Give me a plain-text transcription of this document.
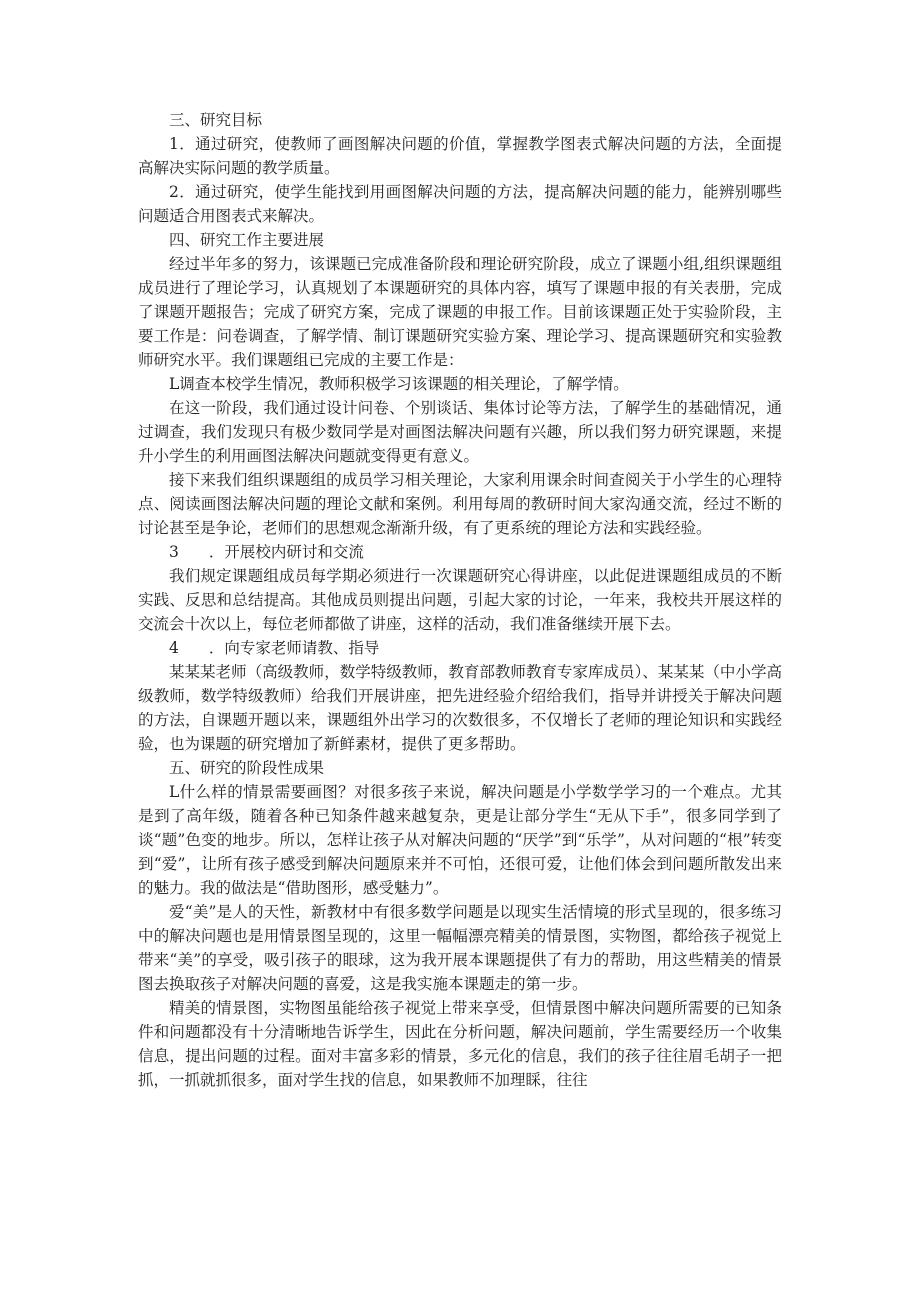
三、研究目标

1．通过研究，使教师了画图解决问题的价值，掌握教学图表式解决问题的方法，全面提高解决实际问题的教学质量。

2．通过研究，使学生能找到用画图解决问题的方法，提高解决问题的能力，能辨别哪些问题适合用图表式来解决。

四、研究工作主要进展

经过半年多的努力，该课题已完成准备阶段和理论研究阶段，成立了课题小组,组织课题组成员进行了理论学习，认真规划了本课题研究的具体内容，填写了课题申报的有关表册，完成了课题开题报告；完成了研究方案，完成了课题的申报工作。目前该课题正处于实验阶段，主要工作是：问卷调查，了解学情、制订课题研究实验方案、理论学习、提高课题研究和实验教师研究水平。我们课题组已完成的主要工作是：

L调查本校学生情况，教师积极学习该课题的相关理论，了解学情。

在这一阶段，我们通过设计问卷、个别谈话、集体讨论等方法，了解学生的基础情况，通过调查，我们发现只有极少数同学是对画图法解决问题有兴趣，所以我们努力研究课题，来提升小学生的利用画图法解决问题就变得更有意义。

接下来我们组织课题组的成员学习相关理论，大家利用课余时间查阅关于小学生的心理特点、阅读画图法解决问题的理论文献和案例。利用每周的教研时间大家沟通交流，经过不断的讨论甚至是争论，老师们的思想观念渐渐升级，有了更系统的理论方法和实践经验。

3 ．开展校内研讨和交流

我们规定课题组成员每学期必须进行一次课题研究心得讲座，以此促进课题组成员的不断实践、反思和总结提高。其他成员则提出问题，引起大家的讨论，一年来，我校共开展这样的交流会十次以上，每位老师都做了讲座，这样的活动，我们准备继续开展下去。

4 ．向专家老师请教、指导

某某某老师（高级教师，数学特级教师，教育部教师教育专家库成员）、某某某（中小学高级教师，数学特级教师）给我们开展讲座，把先进经验介绍给我们，指导并讲授关于解决问题的方法，自课题开题以来，课题组外出学习的次数很多，不仅增长了老师的理论知识和实践经验，也为课题的研究增加了新鲜素材，提供了更多帮助。

五、研究的阶段性成果

L什么样的情景需要画图？对很多孩子来说，解决问题是小学数学学习的一个难点。尤其是到了高年级，随着各种已知条件越来越复杂，更是让部分学生“无从下手”，很多同学到了谈“题”色变的地步。所以，怎样让孩子从对解决问题的“厌学”到“乐学”，从对问题的“根”转变到“爱”，让所有孩子感受到解决问题原来并不可怕，还很可爱，让他们体会到问题所散发出来的魅力。我的做法是“借助图形，感受魅力”。

爱“美”是人的天性，新教材中有很多数学问题是以现实生活情境的形式呈现的，很多练习中的解决问题也是用情景图呈现的，这里一幅幅漂亮精美的情景图，实物图，都给孩子视觉上带来“美”的享受，吸引孩子的眼球，这为我开展本课题提供了有力的帮助，用这些精美的情景图去换取孩子对解决问题的喜爱，这是我实施本课题走的第一步。

精美的情景图，实物图虽能给孩子视觉上带来享受，但情景图中解决问题所需要的已知条件和问题都没有十分清晰地告诉学生，因此在分析问题，解决问题前，学生需要经历一个收集信息，提出问题的过程。面对丰富多彩的情景，多元化的信息，我们的孩子往往眉毛胡子一把抓，一抓就抓很多，面对学生找的信息，如果教师不加理睬，往往
